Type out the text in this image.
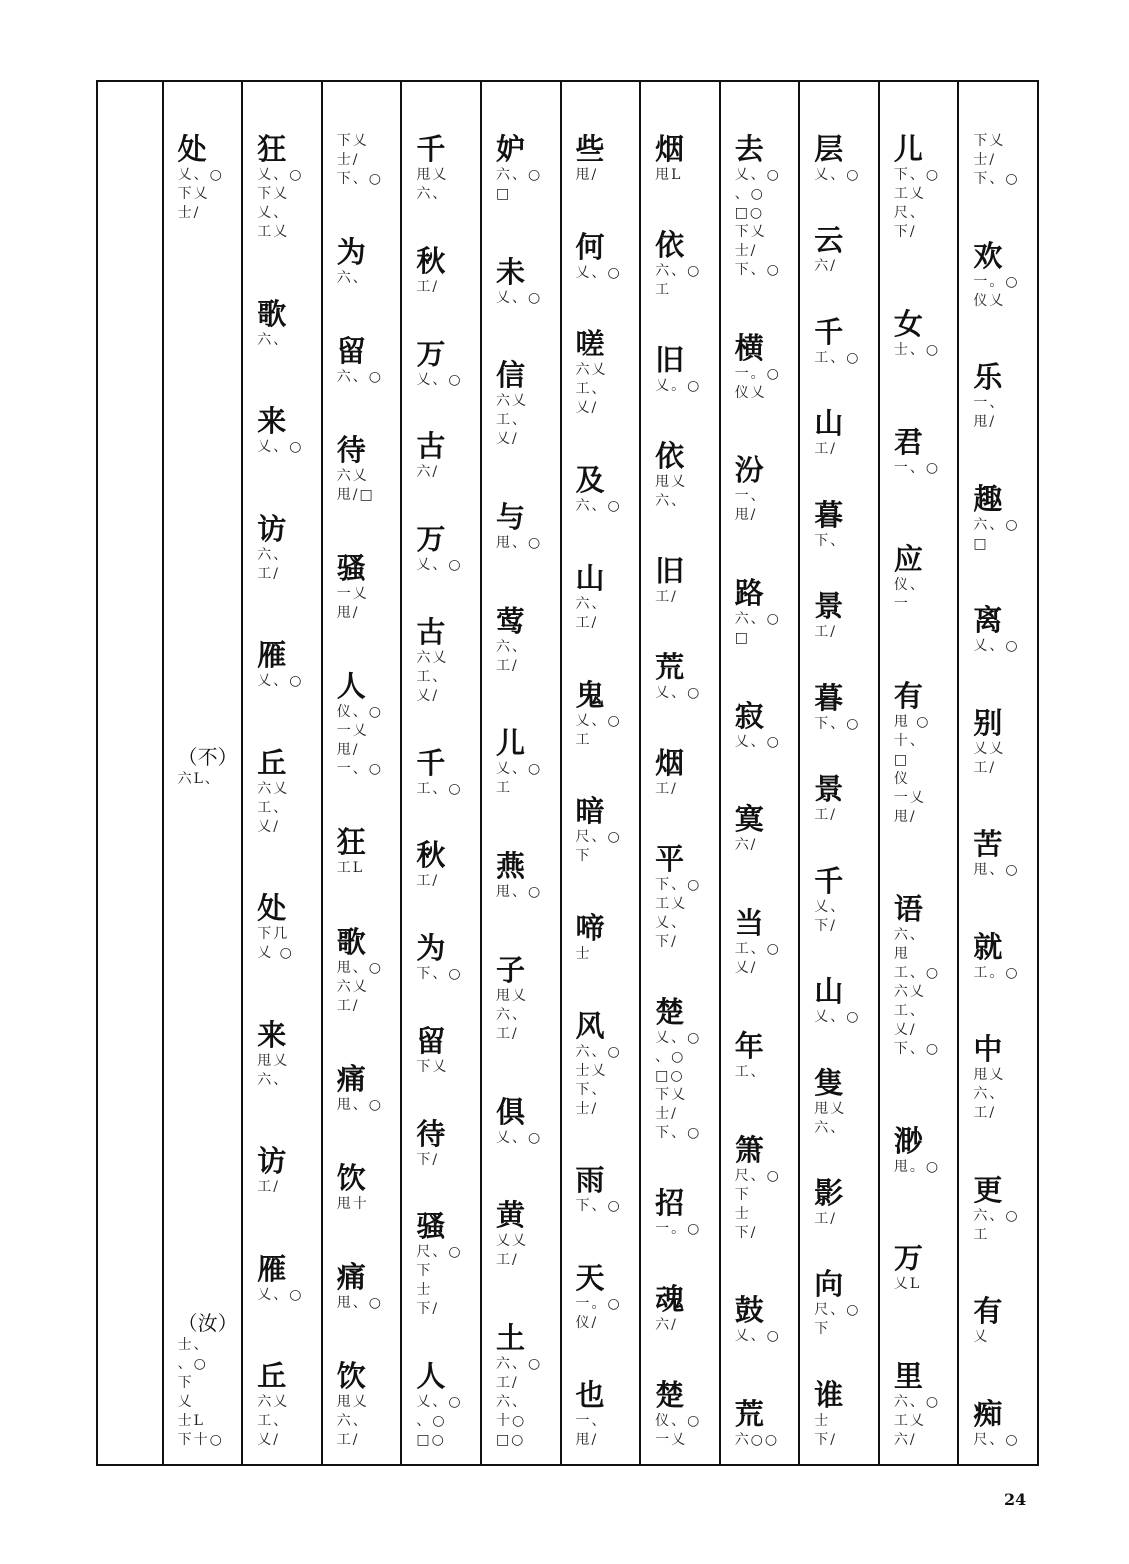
下乂
士/
下、○
欢
一。○
仪乂
乐
一、
甩/
趣
六、○
□
离
乂、○
别
乂乂
工/
苦
甩、○
就
工。○
中
甩乂
六、
工/
更
六、○
工
有
乂
痴
尺、○
儿
下、○
工乂
尺、
下/
女
士、○
君
一、○
应
仪、
一
有
甩 ○
十、
□
仪
一乂
甩/
语
六、
甩
工、○
六乂
工、
乂/
下、○
渺
甩。○
万
乂L
里
六、○
工乂
六/
层
乂、○
云
六/
千
工、○
山
工/
暮
下、
景
工/
暮
下、○
景
工/
千
乂、
下/
山
乂、○
隻
甩乂
六、
影
工/
向
尺、○
下
谁
士
下/
去
乂、○
、○
□○
下乂
士/
下、○
横
一。○
仪乂
汾
一、
甩/
路
六、○
□
寂
乂、○
寞
六/
当
工、○
乂/
年
工、
箫
尺、○
下
士
下/
鼓
乂、○
荒
六○○
烟
甩L
依
六、○
工
旧
乂。○
依
甩乂
六、
旧
工/
荒
乂、○
烟
工/
平
下、○
工乂
乂、
下/
楚
乂、○
、○
□○
下乂
士/
下、○
招
一。○
魂
六/
楚
仪、○
一乂
些
甩/
何
乂、○
嗟
六乂
工、
乂/
及
六、○
山
六、
工/
鬼
乂、○
工
暗
尺、○
下
啼
士
风
六、○
士乂
下、
士/
雨
下、○
天
一。○
仪/
也
一、
甩/
妒
六、○
□
未
乂、○
信
六乂
工、
乂/
与
甩、○
莺
六、
工/
儿
乂、○
工
燕
甩、○
子
甩乂
六、
工/
俱
乂、○
黄
乂乂
工/
土
六、○
工/
六、
十○
□○
千
甩乂
六、
秋
工/
万
乂、○
古
六/
万
乂、○
古
六乂
工、
乂/
千
工、○
秋
工/
为
下、○
留
下乂
待
下/
骚
尺、○
下
士
下/
人
乂、○
、○
□○
下乂
士/
下、○
为
六、
留
六、○
待
六乂
甩/□
骚
一乂
甩/
人
仪、○
一乂
甩/
一、○
狂
工L
歌
甩、○
六乂
工/
痛
甩、○
饮
甩十
痛
甩、○
饮
甩乂
六、
工/
狂
乂、○
下乂
乂、
工乂
歌
六、
来
乂、○
访
六、
工/
雁
乂、○
丘
六乂
工、
乂/
处
下几
乂 ○
来
甩乂
六、
访
工/
雁
乂、○
丘
六乂
工、
乂/
处
乂、○
下乂
士/
（不）
六L、
（汝）
士、
、○
下
乂
士L
下十○
24
